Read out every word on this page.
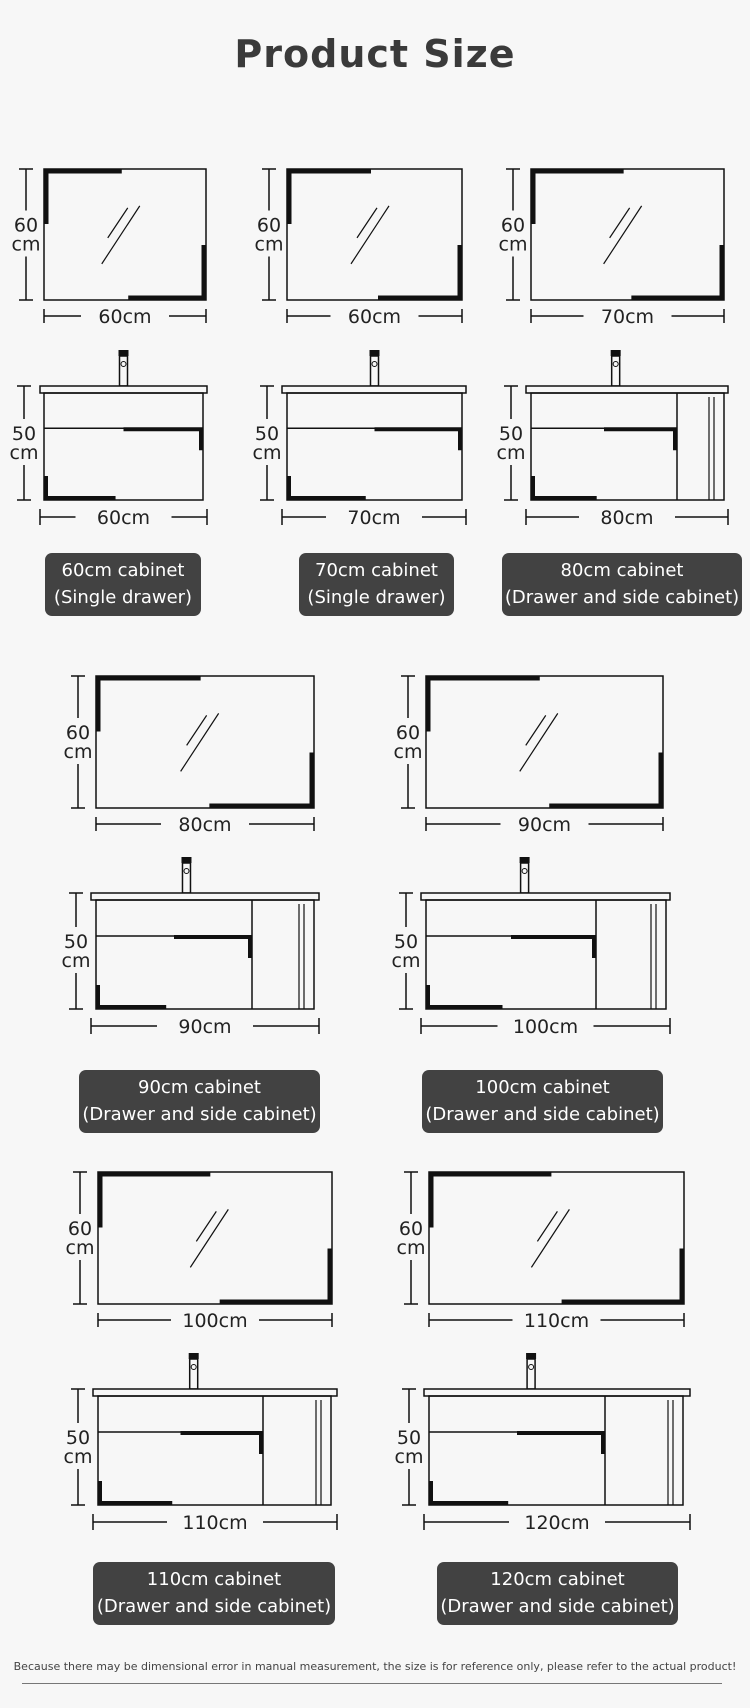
Product Size
60
cm
60cm
50
cm
60cm
60
cm
60cm
50
cm
70cm
60
cm
70cm
50
cm
80cm
60
cm
80cm
50
cm
90cm
60
cm
90cm
50
cm
100cm
60
cm
100cm
50
cm
110cm
60
cm
110cm
50
cm
120cm
60cm cabinet
(Single drawer)
70cm cabinet
(Single drawer)
80cm cabinet
(Drawer and side cabinet)
90cm cabinet
(Drawer and side cabinet)
100cm cabinet
(Drawer and side cabinet)
110cm cabinet
(Drawer and side cabinet)
120cm cabinet
(Drawer and side cabinet)
Because there may be dimensional error in manual measurement, the size is for reference only, please refer to the actual product!
